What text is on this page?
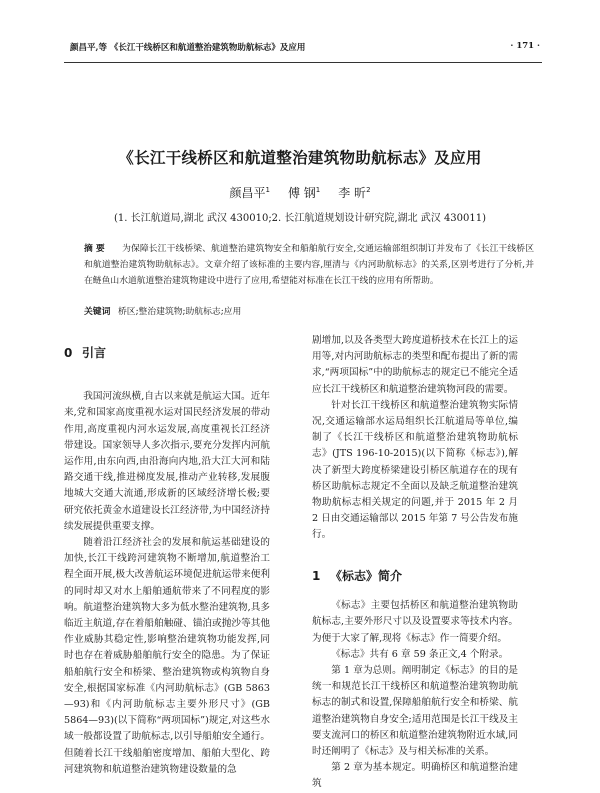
颜昌平,等 《长江干线桥区和航道整治建筑物助航标志》及应用	· 171 ·
《长江干线桥区和航道整治建筑物助航标志》及应用
颜昌平$^1$ 傅 钢$^1$ 李 昕$^2$
(1. 长江航道局,湖北 武汉 430010;2. 长江航道规划设计研究院,湖北 武汉 430011)
摘 要 为保障长江干线桥梁、航道整治建筑物安全和船舶航行安全,交通运输部组织制订并发布了《长江干线桥区和航道整治建筑物助航标志》。文章介绍了该标准的主要内容,厘清与《内河助航标志》的关系,区别考进行了分析,并在鲢鱼山水道航道整治建筑物建设中进行了应用,希望能对标准在长江干线的应用有所帮助。
关键词 桥区;整治建筑物;助航标志;应用
0 引言

我国河流纵横,自古以来就是航运大国。近年来,党和国家高度重视水运对国民经济发展的带动作用,高度重视内河水运发展,高度重视长江经济带建设。国家领导人多次指示,要充分发挥内河航运作用,由东向西,由沿海向内地,沿大江大河和陆路交通干线,推进梯度发展,推动产业转移,发展腹地城大交通大流通,形成新的区域经济增长极;要研究依托黄金水道建设长江经济带,为中国经济持续发展提供重要支撑。

随着沿江经济社会的发展和航运基础建设的加快,长江干线跨河建筑物不断增加,航道整治工程全面开展,极大改善航运环境促进航运带来便利的同时却又对水上船舶通航带来了不同程度的影响。航道整治建筑物大多为低水整治建筑物,具多临近主航道,存在着船舶触碰、锚泊或抛沙等其他作业威胁其稳定性,影响整治建筑物功能发挥,同时也存在着威胁船舶航行安全的隐患。为了保证船舶航行安全和桥梁、整治建筑物或构筑物自身安全,根据国家标准《内河助航标志》(GB 5863—93)和《内河助航标志主要外形尺寸》(GB 5864—93)(以下简称“两项国标”)规定,对这些水域一般都设置了助航标志,以引导船舶安全通行。但随着长江干线船舶密度增加、船舶大型化、跨河建筑物和航道整治建筑物建设数量的急

剧增加,以及各类型大跨度道桥技术在长江上的运用等,对内河助航标志的类型和配布提出了新的需求,“两项国标”中的助航标志的规定已不能完全适应长江干线桥区和航道整治建筑物河段的需要。

针对长江干线桥区和航道整治建筑物实际情况,交通运输部水运局组织长江航道局等单位,编制了《长江干线桥区和航道整治建筑物助航标志》(JTS 196-10-2015)(以下简称《标志》),解决了新型大跨度桥梁建设引桥区航道存在的现有桥区助航标志规定不全面以及缺乏航道整治建筑物助航标志相关规定的问题,并于 2015 年 2 月 2 日由交通运输部以 2015 年第 7 号公告发布施行。

1 《标志》简介

《标志》主要包括桥区和航道整治建筑物助航标志,主要外形尺寸以及设置要求等技术内容。为便于大家了解,现将《标志》作一简要介绍。

《标志》共有 6 章 59 条正文,4 个附录。

第 1 章为总则。阐明制定《标志》的目的是统一和规范长江干线桥区和航道整治建筑物助航标志的制式和设置,保障船舶航行安全和桥梁、航道整治建筑物自身安全;适用范围是长江干线及主要支流河口的桥区和航道整治建筑物附近水域,同时还阐明了《标志》及与相关标准的关系。

第 2 章为基本规定。明确桥区和航道整治建筑
